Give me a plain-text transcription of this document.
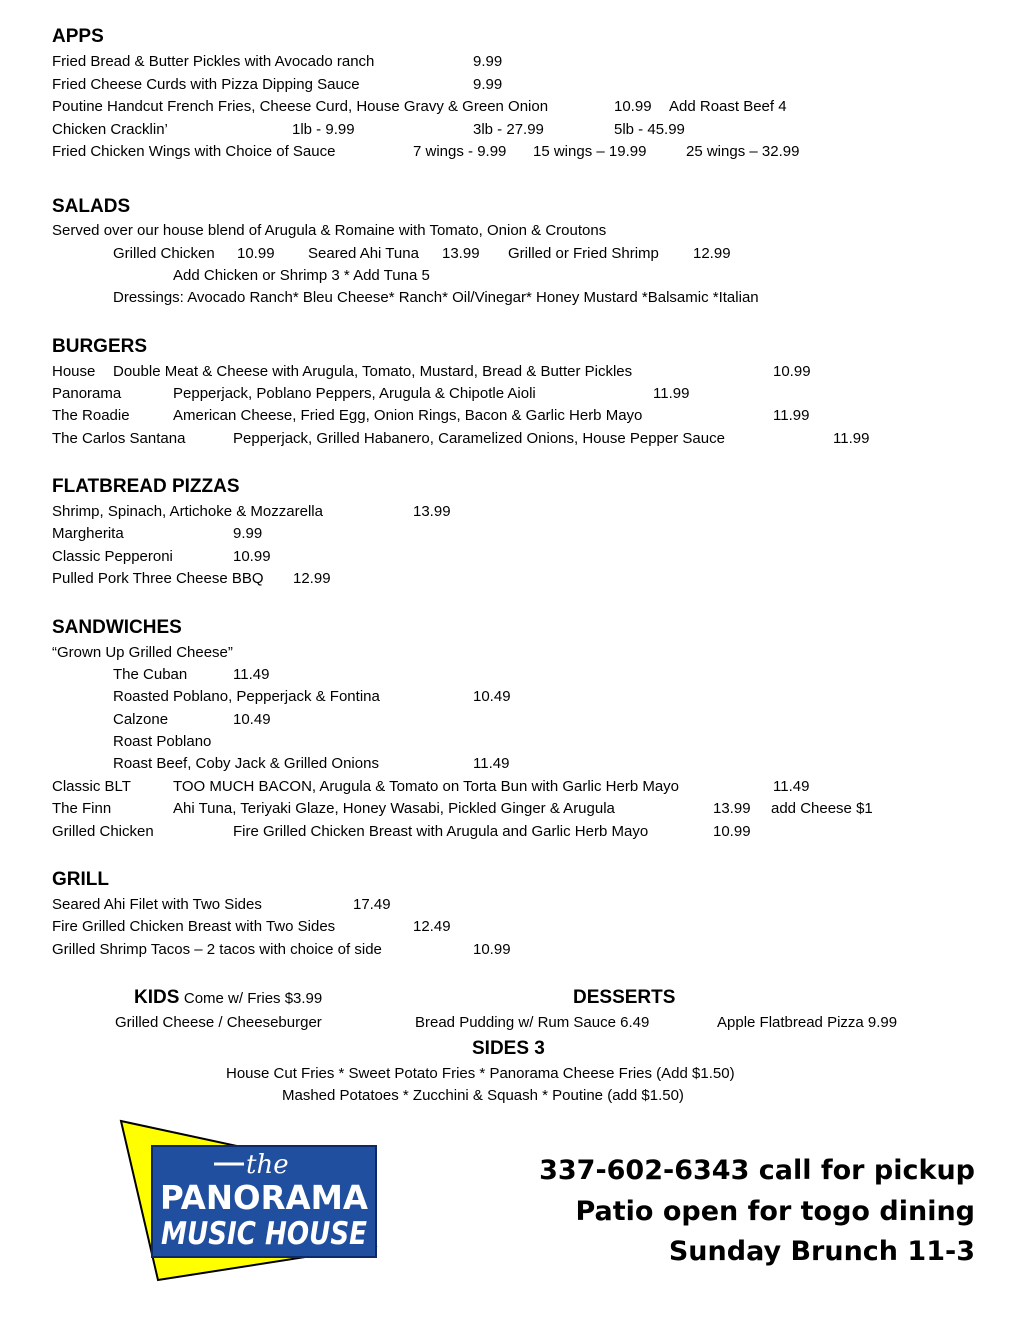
APPS
Fried Bread & Butter Pickles with Avocado ranch	9.99
Fried Cheese Curds with Pizza Dipping Sauce	9.99
Poutine Handcut French Fries, Cheese Curd, House Gravy & Green Onion	10.99 Add Roast Beef 4
Chicken Cracklin’	1lb - 9.99	3lb - 27.99	5lb - 45.99
Fried Chicken Wings with Choice of Sauce	7 wings - 9.99 15 wings – 19.99	25 wings – 32.99
SALADS
Served over our house blend of Arugula & Romaine with Tomato, Onion & Croutons
Grilled Chicken 10.99 Seared Ahi Tuna 13.99 Grilled or Fried Shrimp 12.99
Add Chicken or Shrimp 3 * Add Tuna 5
Dressings: Avocado Ranch* Bleu Cheese* Ranch* Oil/Vinegar* Honey Mustard *Balsamic *Italian
BURGERS
House Double Meat & Cheese with Arugula, Tomato, Mustard, Bread & Butter Pickles	10.99
Panorama	Pepperjack, Poblano Peppers, Arugula & Chipotle Aioli	11.99
The Roadie	American Cheese, Fried Egg, Onion Rings, Bacon & Garlic Herb Mayo	11.99
The Carlos Santana	Pepperjack, Grilled Habanero, Caramelized Onions, House Pepper Sauce	11.99
FLATBREAD PIZZAS
Shrimp, Spinach, Artichoke & Mozzarella	13.99
Margherita	9.99
Classic Pepperoni	10.99
Pulled Pork Three Cheese BBQ 12.99
SANDWICHES
“Grown Up Grilled Cheese”
The Cuban	11.49
Roasted Poblano, Pepperjack & Fontina	10.49
Calzone	10.49
Roast Poblano
Roast Beef, Coby Jack & Grilled Onions	11.49
Classic BLT	TOO MUCH BACON, Arugula & Tomato on Torta Bun with Garlic Herb Mayo	11.49
The Finn	Ahi Tuna, Teriyaki Glaze, Honey Wasabi, Pickled Ginger & Arugula	13.99 add Cheese $1
Grilled Chicken	Fire Grilled Chicken Breast with Arugula and Garlic Herb Mayo	10.99
GRILL
Seared Ahi Filet with Two Sides	17.49
Fire Grilled Chicken Breast with Two Sides	12.49
Grilled Shrimp Tacos – 2 tacos with choice of side	10.99
KIDS Come w/ Fries $3.99
Grilled Cheese / Cheeseburger
DESSERTS
Bread Pudding w/ Rum Sauce 6.49	Apple Flatbread Pizza 9.99
SIDES 3
House Cut Fries * Sweet Potato Fries * Panorama Cheese Fries (Add $1.50)
Mashed Potatoes * Zucchini & Squash * Poutine (add $1.50)
the
PANORAMA
MUSIC HOUSE
337-602-6343 call for pickup
Patio open for togo dining
Sunday Brunch 11-3
